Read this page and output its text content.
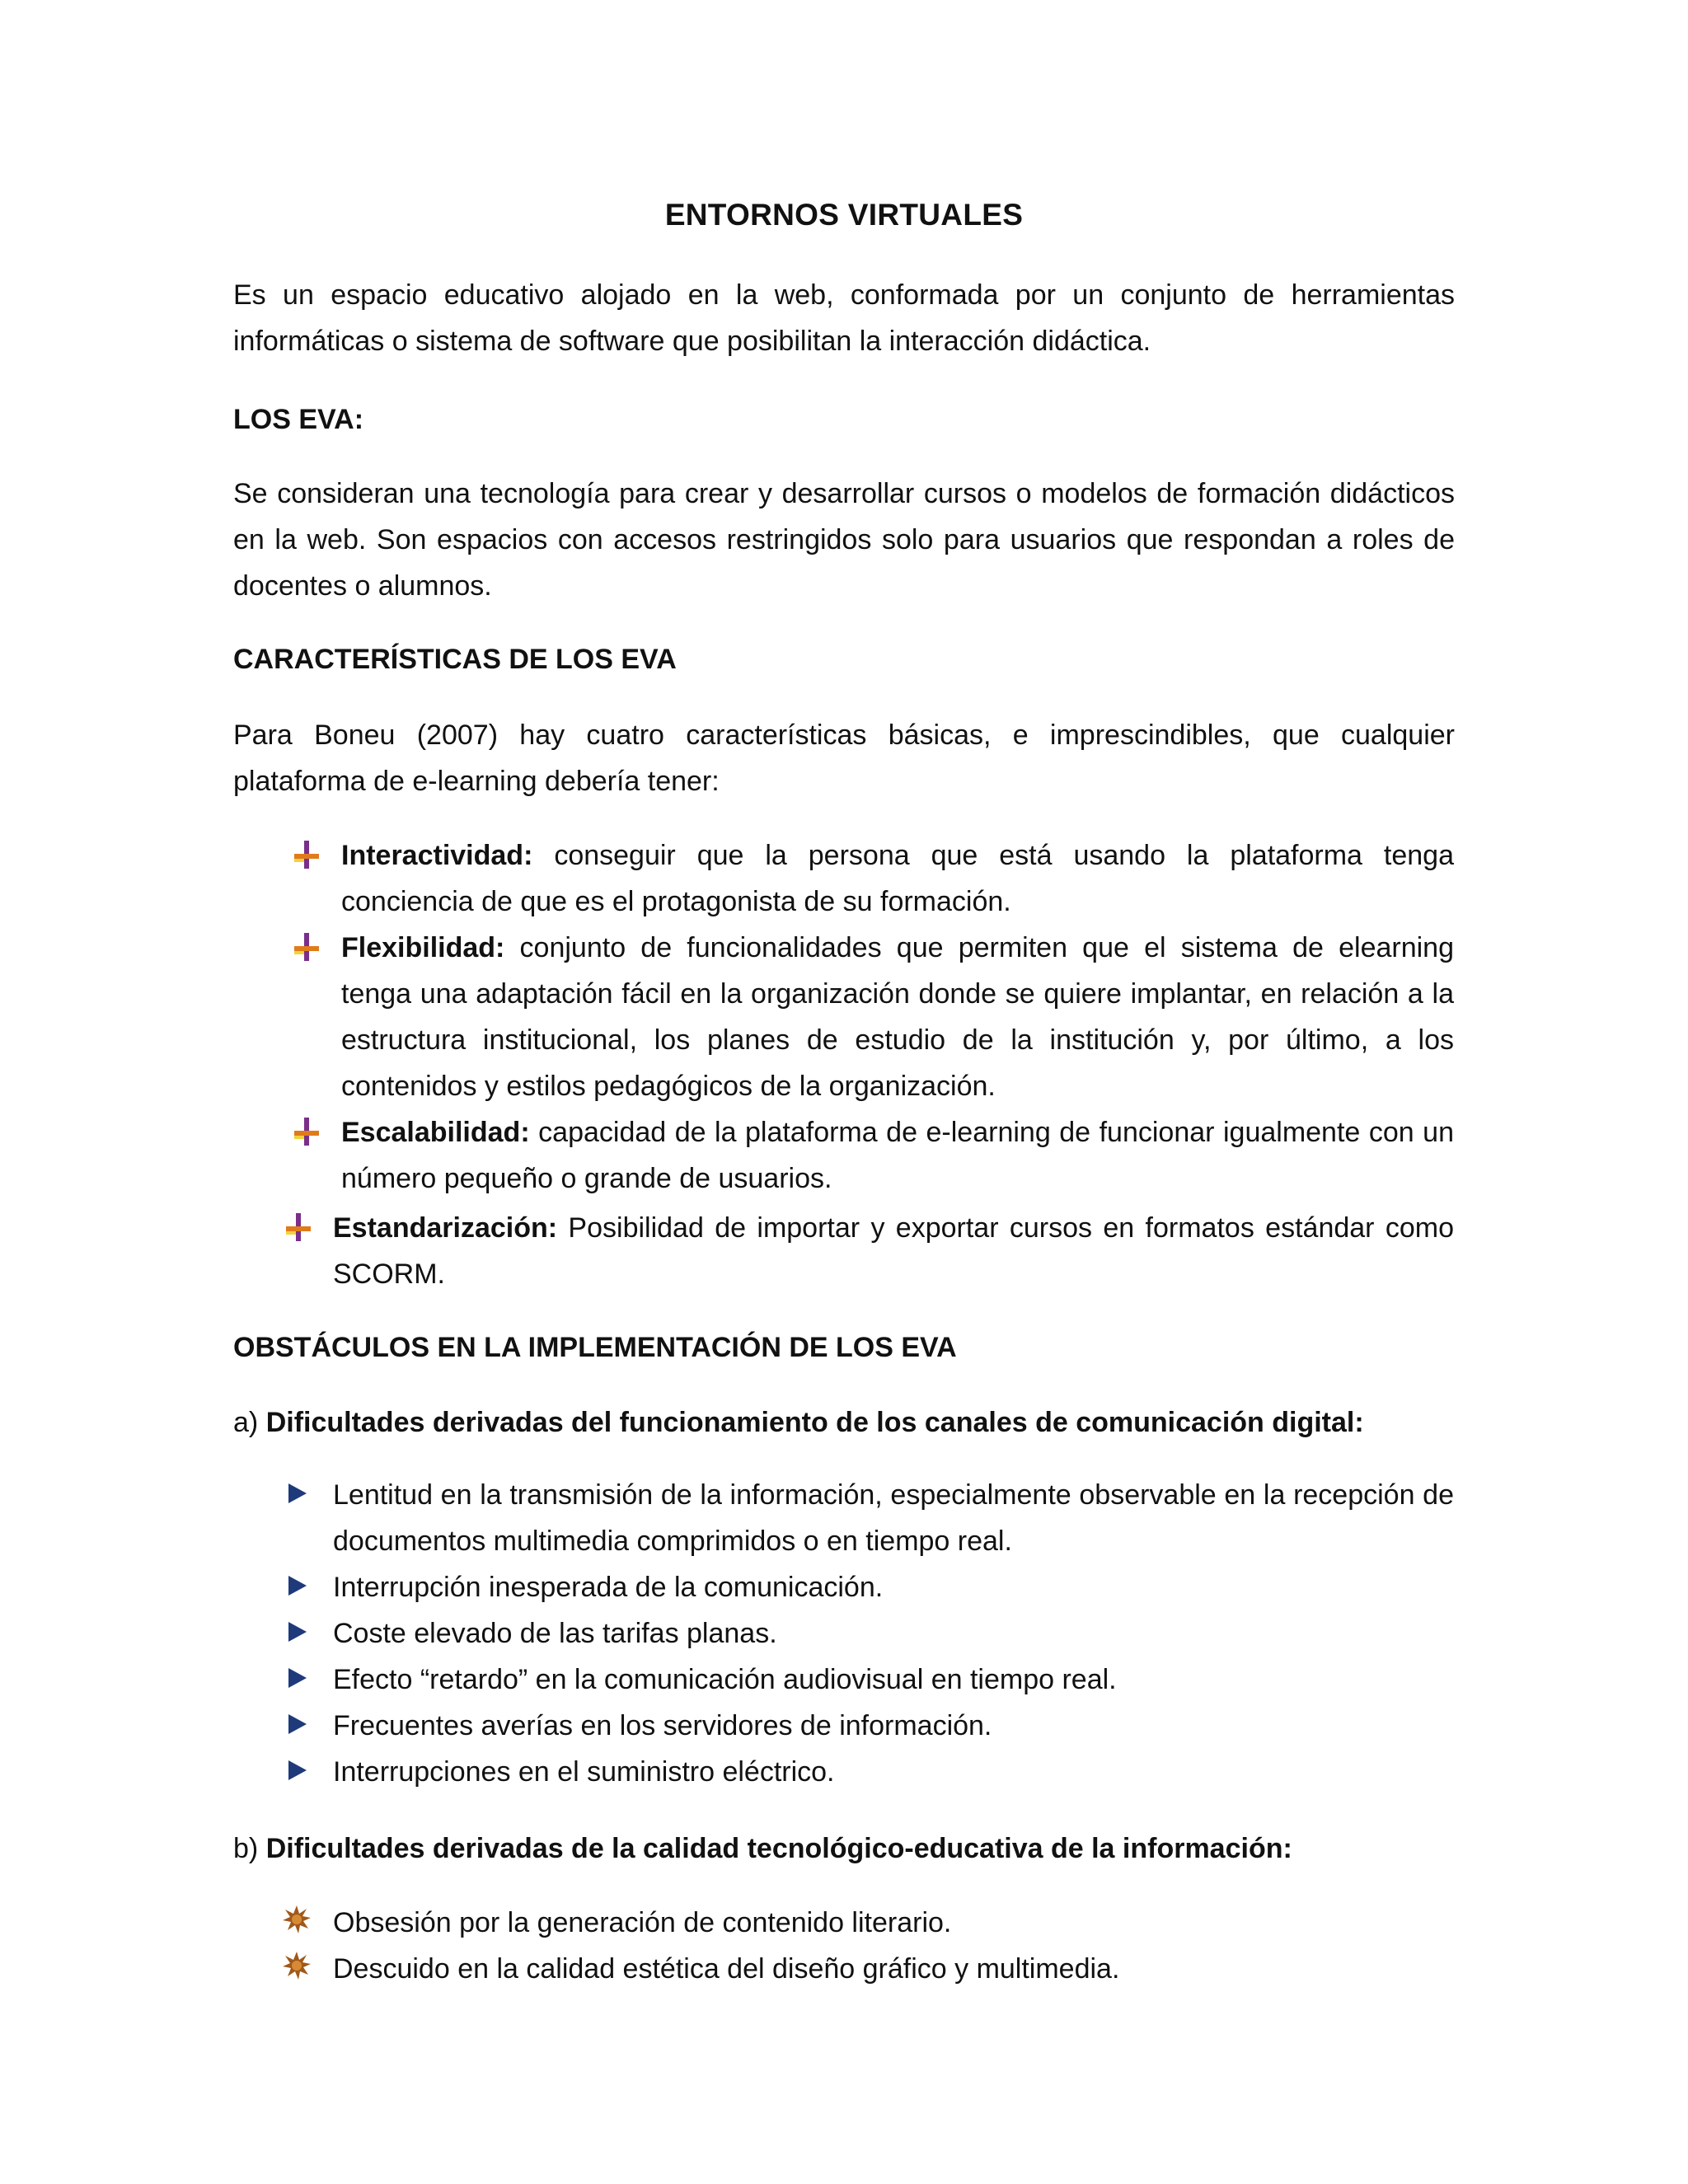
ENTORNOS VIRTUALES
Es un espacio educativo alojado en la web, conformada por un conjunto de herramientas informáticas o sistema de software que posibilitan la interacción didáctica.
LOS EVA:
Se consideran una tecnología para crear y desarrollar cursos o modelos de formación didácticos en la web. Son espacios con accesos restringidos solo para usuarios que respondan a roles de docentes o alumnos.
CARACTERÍSTICAS DE LOS EVA
Para Boneu (2007) hay cuatro características básicas, e imprescindibles, que cualquier plataforma de e-learning debería tener:
Interactividad: conseguir que la persona que está usando la plataforma tenga conciencia de que es el protagonista de su formación.
Flexibilidad: conjunto de funcionalidades que permiten que el sistema de elearning tenga una adaptación fácil en la organización donde se quiere implantar, en relación a la estructura institucional, los planes de estudio de la institución y, por último, a los contenidos y estilos pedagógicos de la organización.
Escalabilidad: capacidad de la plataforma de e-learning de funcionar igualmente con un número pequeño o grande de usuarios.
Estandarización: Posibilidad de importar y exportar cursos en formatos estándar como SCORM.
OBSTÁCULOS EN LA IMPLEMENTACIÓN DE LOS EVA
a) Dificultades derivadas del funcionamiento de los canales de comunicación digital:
Lentitud en la transmisión de la información, especialmente observable en la recepción de documentos multimedia comprimidos o en tiempo real.
Interrupción inesperada de la comunicación.
Coste elevado de las tarifas planas.
Efecto “retardo” en la comunicación audiovisual en tiempo real.
Frecuentes averías en los servidores de información.
Interrupciones en el suministro eléctrico.
b) Dificultades derivadas de la calidad tecnológico-educativa de la información:
Obsesión por la generación de contenido literario.
Descuido en la calidad estética del diseño gráfico y multimedia.
